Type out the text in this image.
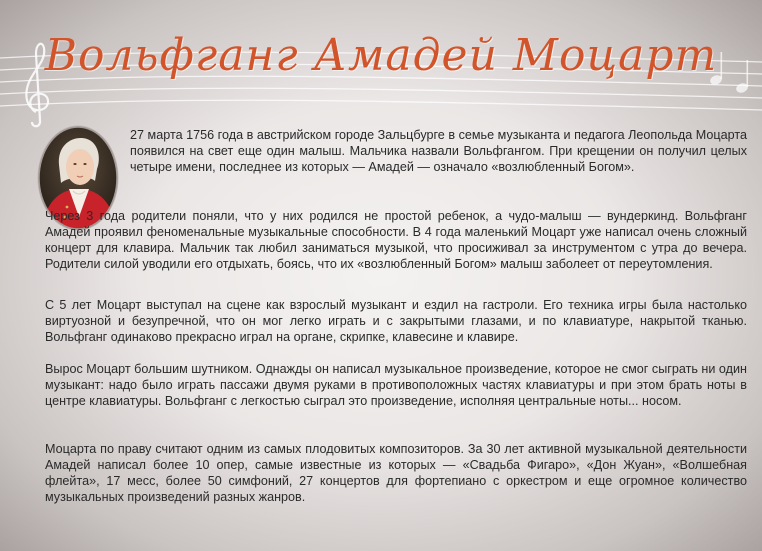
Вольфганг Амадей Моцарт

27 марта 1756 года в австрийском городе Зальцбурге в семье музыканта и педагога Леопольда Моцарта появился на свет еще один малыш. Мальчика назвали Вольфгангом. При крещении он получил целых четыре имени, последнее из которых — Амадей — означало «возлюбленный Богом».

Через 3 года родители поняли, что у них родился не простой ребенок, а чудо-малыш — вундеркинд. Вольфганг Амадей проявил феноменальные музыкальные способности. В 4 года маленький Моцарт уже написал очень сложный концерт для клавира. Мальчик так любил заниматься музыкой, что просиживал за инструментом с утра до вечера. Родители силой уводили его отдыхать, боясь, что их «возлюбленный Богом» малыш заболеет от переутомления.

С 5 лет Моцарт выступал на сцене как взрослый музыкант и ездил на гастроли. Его техника игры была настолько виртуозной и безупречной, что он мог легко играть и с закрытыми глазами, и по клавиатуре, накрытой тканью. Вольфганг одинаково прекрасно играл на органе, скрипке, клавесине и клавире.

Вырос Моцарт большим шутником. Однажды он написал музыкальное произведение, которое не смог сыграть ни один музыкант: надо было играть пассажи двумя руками в противоположных частях клавиатуры и при этом брать ноты в центре клавиатуры. Вольфганг с легкостью сыграл это произведение, исполняя центральные ноты... носом.

Моцарта по праву считают одним из самых плодовитых композиторов. За 30 лет активной музыкальной деятельности Амадей написал более 10 опер, самые известные из которых — «Свадьба Фигаро», «Дон Жуан», «Волшебная флейта», 17 месс, более 50 симфоний, 27 концертов для фортепиано с оркестром и еще огромное количество музыкальных произведений разных жанров.
